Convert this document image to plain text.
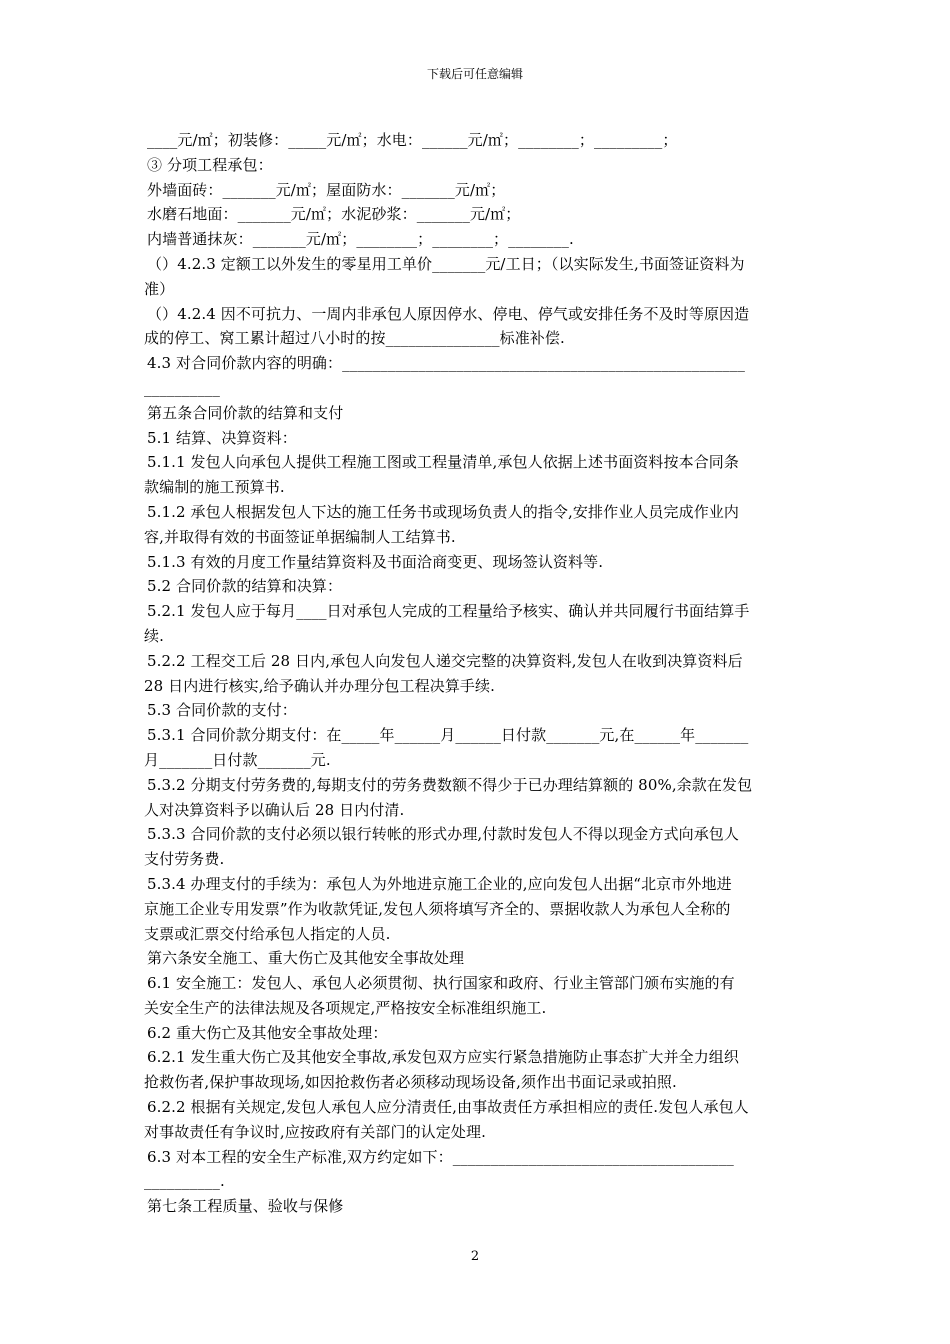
下载后可任意编辑
____元/㎡；初装修：_____元/㎡；水电：______元/㎡；________；_________；
③ 分项工程承包：
外墙面砖：_______元/㎡；屋面防水：_______元/㎡；
水磨石地面：_______元/㎡；水泥砂浆：_______元/㎡；
内墙普通抹灰：_______元/㎡；________；________；________.
（）4.2.3 定额工以外发生的零星用工单价_______元/工日；（以实际发生,书面签证资料为
准）
（）4.2.4 因不可抗力、一周内非承包人原因停水、停电、停气或安排任务不及时等原因造
成的停工、窝工累计超过八小时的按_______________标准补偿.
4.3 对合同价款内容的明确：_____________________________________________________
__________
第五条合同价款的结算和支付
5.1 结算、决算资料：
5.1.1 发包人向承包人提供工程施工图或工程量清单,承包人依据上述书面资料按本合同条
款编制的施工预算书.
5.1.2 承包人根据发包人下达的施工任务书或现场负责人的指令,安排作业人员完成作业内
容,并取得有效的书面签证单据编制人工结算书.
5.1.3 有效的月度工作量结算资料及书面洽商变更、现场签认资料等.
5.2 合同价款的结算和决算：
5.2.1 发包人应于每月____日对承包人完成的工程量给予核实、确认并共同履行书面结算手
续.
5.2.2 工程交工后 28 日内,承包人向发包人递交完整的决算资料,发包人在收到决算资料后
28 日内进行核实,给予确认并办理分包工程决算手续.
5.3 合同价款的支付：
5.3.1 合同价款分期支付：在_____年______月______日付款_______元,在______年_______
月_______日付款_______元.
5.3.2 分期支付劳务费的,每期支付的劳务费数额不得少于已办理结算额的 80%,余款在发包
人对决算资料予以确认后 28 日内付清.
5.3.3 合同价款的支付必须以银行转帐的形式办理,付款时发包人不得以现金方式向承包人
支付劳务费.
5.3.4 办理支付的手续为：承包人为外地进京施工企业的,应向发包人出据“北京市外地进
京施工企业专用发票”作为收款凭证,发包人须将填写齐全的、票据收款人为承包人全称的
支票或汇票交付给承包人指定的人员.
第六条安全施工、重大伤亡及其他安全事故处理
6.1 安全施工：发包人、承包人必须贯彻、执行国家和政府、行业主管部门颁布实施的有
关安全生产的法律法规及各项规定,严格按安全标准组织施工.
6.2 重大伤亡及其他安全事故处理：
6.2.1 发生重大伤亡及其他安全事故,承发包双方应实行紧急措施防止事态扩大并全力组织
抢救伤者,保护事故现场,如因抢救伤者必须移动现场设备,须作出书面记录或拍照.
6.2.2 根据有关规定,发包人承包人应分清责任,由事故责任方承担相应的责任.发包人承包人
对事故责任有争议时,应按政府有关部门的认定处理.
6.3 对本工程的安全生产标准,双方约定如下：_____________________________________
__________.
第七条工程质量、验收与保修
2
